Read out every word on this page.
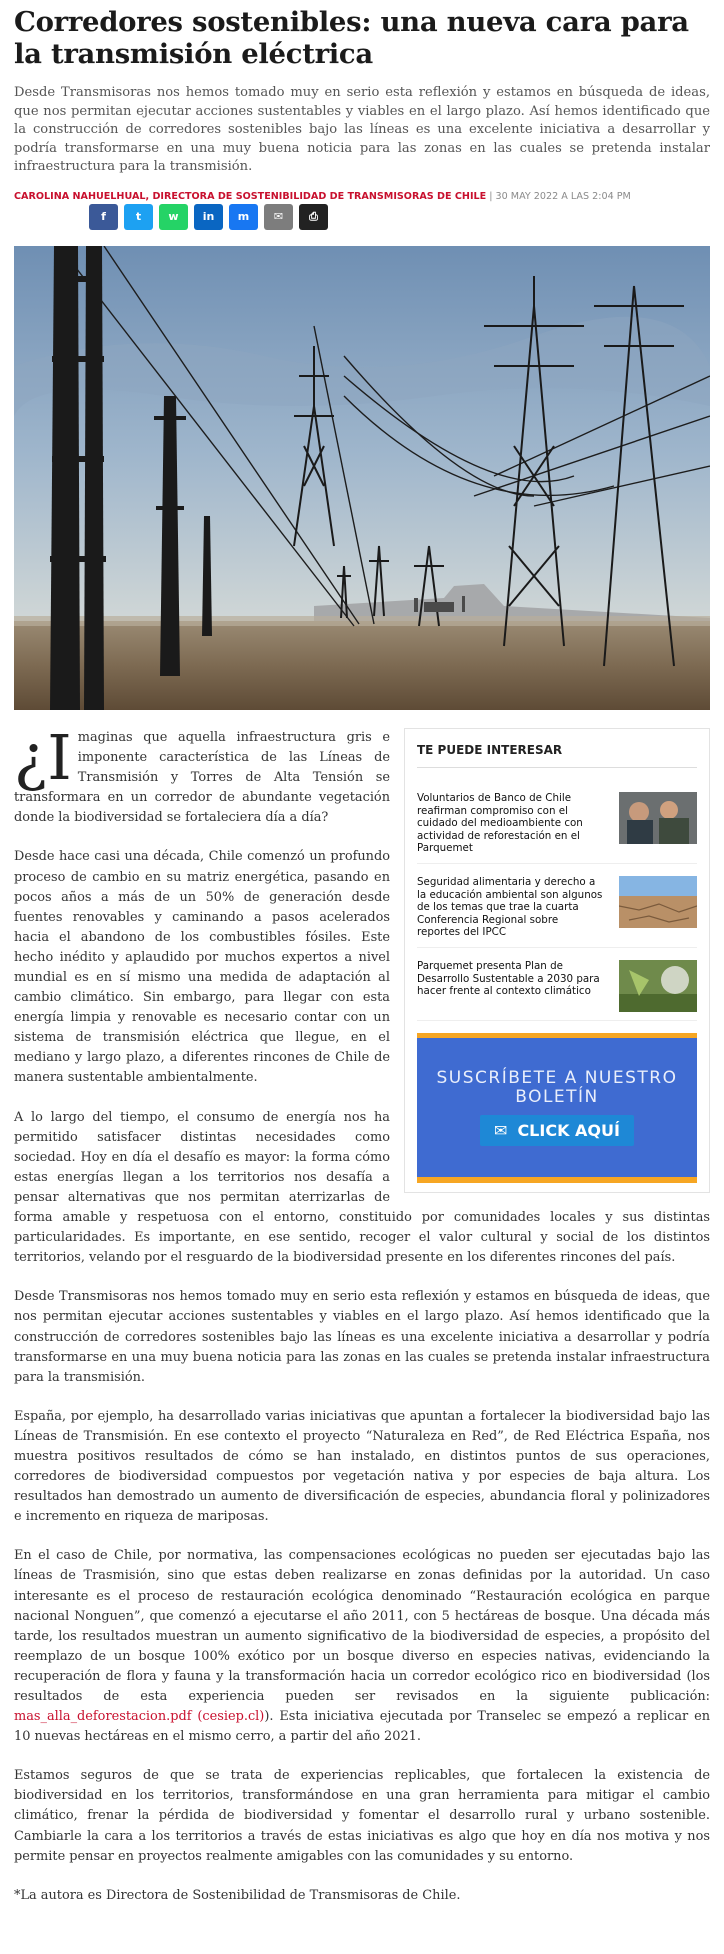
Corredores sostenibles: una nueva cara para la transmisión eléctrica

Desde Transmisoras nos hemos tomado muy en serio esta reflexión y estamos en búsqueda de ideas, que nos permitan ejecutar acciones sustentables y viables en el largo plazo. Así hemos identificado que la construcción de corredores sostenibles bajo las líneas es una excelente iniciativa a desarrollar y podría transformarse en una muy buena noticia para las zonas en las cuales se pretenda instalar infraestructura para la transmisión.

CAROLINA NAHUELHUAL, DIRECTORA DE SOSTENIBILIDAD DE TRANSMISORAS DE CHILE | 30 MAY 2022 A LAS 2:04 PM
f	t	w	in	m	✉	⎙
TE PUEDE INTERESAR
Voluntarios de Banco de Chile reafirman compromiso con el cuidado del medioambiente con actividad de reforestación en el Parquemet
Seguridad alimentaria y derecho a la educación ambiental son algunos de los temas que trae la cuarta Conferencia Regional sobre reportes del IPCC
Parquemet presenta Plan de Desarrollo Sustentable a 2030 para hacer frente al contexto climático
SUSCRÍBETE A NUESTRO BOLETÍN
✉ CLICK AQUÍ

¿I maginas que aquella infraestructura gris e imponente característica de las Líneas de Transmisión y Torres de Alta Tensión se transformara en un corredor de abundante vegetación donde la biodiversidad se fortaleciera día a día?

Desde hace casi una década, Chile comenzó un profundo proceso de cambio en su matriz energética, pasando en pocos años a más de un 50% de generación desde fuentes renovables y caminando a pasos acelerados hacia el abandono de los combustibles fósiles. Este hecho inédito y aplaudido por muchos expertos a nivel mundial es en sí mismo una medida de adaptación al cambio climático. Sin embargo, para llegar con esta energía limpia y renovable es necesario contar con un sistema de transmisión eléctrica que llegue, en el mediano y largo plazo, a diferentes rincones de Chile de manera sustentable ambientalmente.

A lo largo del tiempo, el consumo de energía nos ha permitido satisfacer distintas necesidades como sociedad. Hoy en día el desafío es mayor: la forma cómo estas energías llegan a los territorios nos desafía a pensar alternativas que nos permitan aterrizarlas de forma amable y respetuosa con el entorno, constituido por comunidades locales y sus distintas particularidades. Es importante, en ese sentido, recoger el valor cultural y social de los distintos territorios, velando por el resguardo de la biodiversidad presente en los diferentes rincones del país.

Desde Transmisoras nos hemos tomado muy en serio esta reflexión y estamos en búsqueda de ideas, que nos permitan ejecutar acciones sustentables y viables en el largo plazo. Así hemos identificado que la construcción de corredores sostenibles bajo las líneas es una excelente iniciativa a desarrollar y podría transformarse en una muy buena noticia para las zonas en las cuales se pretenda instalar infraestructura para la transmisión.

España, por ejemplo, ha desarrollado varias iniciativas que apuntan a fortalecer la biodiversidad bajo las Líneas de Transmisión. En ese contexto el proyecto “Naturaleza en Red”, de Red Eléctrica España, nos muestra positivos resultados de cómo se han instalado, en distintos puntos de sus operaciones, corredores de biodiversidad compuestos por vegetación nativa y por especies de baja altura. Los resultados han demostrado un aumento de diversificación de especies, abundancia floral y polinizadores e incremento en riqueza de mariposas.

En el caso de Chile, por normativa, las compensaciones ecológicas no pueden ser ejecutadas bajo las líneas de Trasmisión, sino que estas deben realizarse en zonas definidas por la autoridad. Un caso interesante es el proceso de restauración ecológica denominado “Restauración ecológica en parque nacional Nonguen”, que comenzó a ejecutarse el año 2011, con 5 hectáreas de bosque. Una década más tarde, los resultados muestran un aumento significativo de la biodiversidad de especies, a propósito del reemplazo de un bosque 100% exótico por un bosque diverso en especies nativas, evidenciando la recuperación de flora y fauna y la transformación hacia un corredor ecológico rico en biodiversidad (los resultados de esta experiencia pueden ser revisados en la siguiente publicación: mas_alla_deforestacion.pdf (cesiep.cl)). Esta iniciativa ejecutada por Transelec se empezó a replicar en 10 nuevas hectáreas en el mismo cerro, a partir del año 2021.

Estamos seguros de que se trata de experiencias replicables, que fortalecen la existencia de biodiversidad en los territorios, transformándose en una gran herramienta para mitigar el cambio climático, frenar la pérdida de biodiversidad y fomentar el desarrollo rural y urbano sostenible. Cambiarle la cara a los territorios a través de estas iniciativas es algo que hoy en día nos motiva y nos permite pensar en proyectos realmente amigables con las comunidades y su entorno.

*La autora es Directora de Sostenibilidad de Transmisoras de Chile.
